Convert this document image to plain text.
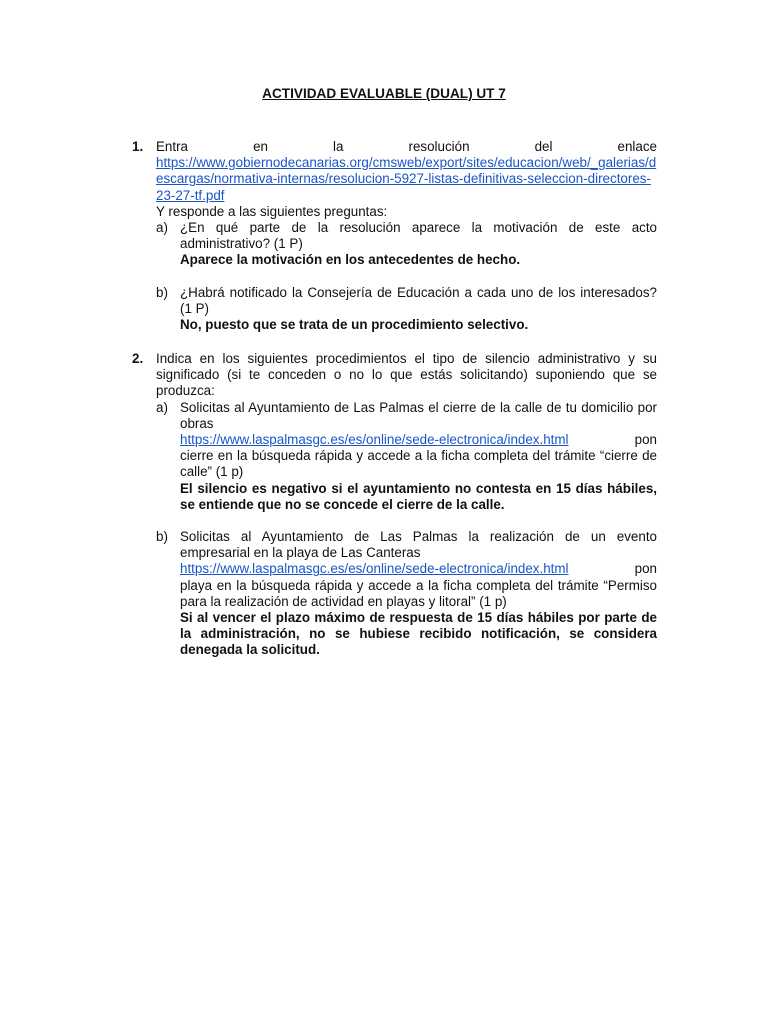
ACTIVIDAD EVALUABLE (DUAL) UT 7
1. Entra	en	la	resolución	del	enlace
https://www.gobiernodecanarias.org/cmsweb/export/sites/educacion/web/_galerias/descargas/normativa-internas/resolucion-5927-listas-definitivas-seleccion-directores-23-27-tf.pdf
Y responde a las siguientes preguntas:
a) ¿En qué parte de la resolución aparece la motivación de este acto administrativo? (1 P)
Aparece la motivación en los antecedentes de hecho.
b) ¿Habrá notificado la Consejería de Educación a cada uno de los interesados? (1 P)
No, puesto que se trata de un procedimiento selectivo.
2. Indica en los siguientes procedimientos el tipo de silencio administrativo y su significado (si te conceden o no lo que estás solicitando) suponiendo que se produzca:
a) Solicitas al Ayuntamiento de Las Palmas el cierre de la calle de tu domicilio por obras
https://www.laspalmasgc.es/es/online/sede-electronica/index.html	pon
cierre en la búsqueda rápida y accede a la ficha completa del trámite “cierre de calle” (1 p)
El silencio es negativo si el ayuntamiento no contesta en 15 días hábiles, se entiende que no se concede el cierre de la calle.
b) Solicitas al Ayuntamiento de Las Palmas la realización de un evento empresarial en la playa de Las Canteras
https://www.laspalmasgc.es/es/online/sede-electronica/index.html	pon
playa en la búsqueda rápida y accede a la ficha completa del trámite “Permiso para la realización de actividad en playas y litoral” (1 p)
Si al vencer el plazo máximo de respuesta de 15 días hábiles por parte de la administración, no se hubiese recibido notificación, se considera denegada la solicitud.
